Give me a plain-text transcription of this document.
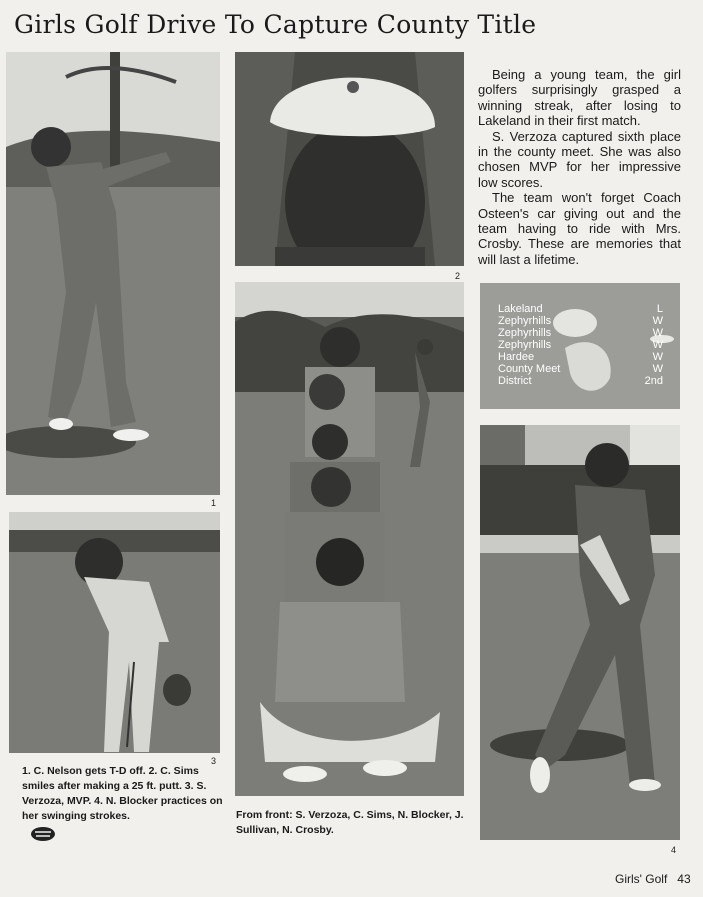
Girls Golf Drive To Capture County Title
1
3
2

Being a young team, the girl golfers surprisingly grasped a winning streak, after losing to Lakeland in their first match.

S. Verzoza captured sixth place in the county meet. She was also chosen MVP for her impressive low scores.

The team won't forget Coach Osteen's car giving out and the team having to ride with Mrs. Crosby. These are memories that will last a lifetime.

Lakeland	L
Zephyrhills	W
Zephyrhills	W
Zephyrhills	W
Hardee	W
County Meet	W
District	2nd
4
1. C. Nelson gets T-D off. 2. C. Sims smiles after making a 25 ft. putt. 3. S. Verzoza, MVP. 4. N. Blocker practices on her swinging strokes.	From front: S. Verzoza, C. Sims, N. Blocker, J. Sullivan, N. Crosby.
Girls' Golf 43
